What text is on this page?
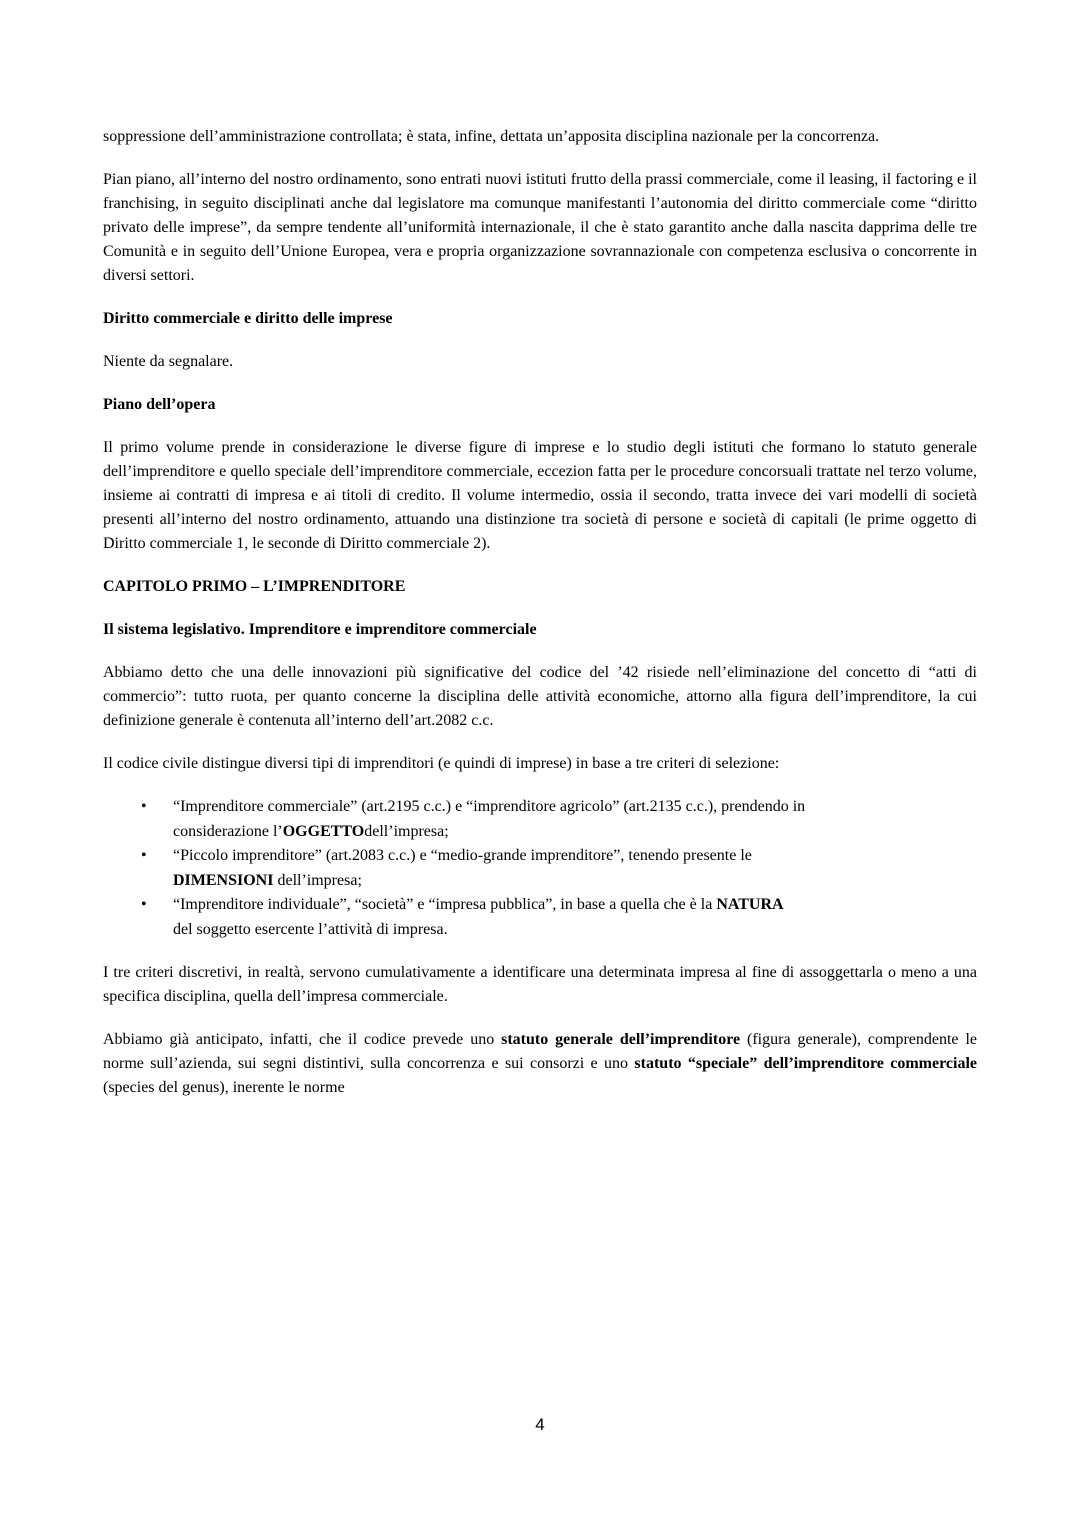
soppressione dell’amministrazione controllata; è stata, infine, dettata un’apposita disciplina nazionale per la concorrenza.

Pian piano, all’interno del nostro ordinamento, sono entrati nuovi istituti frutto della prassi commerciale, come il leasing, il factoring e il franchising, in seguito disciplinati anche dal legislatore ma comunque manifestanti l’autonomia del diritto commerciale come “diritto privato delle imprese”, da sempre tendente all’uniformità internazionale, il che è stato garantito anche dalla nascita dapprima delle tre Comunità e in seguito dell’Unione Europea, vera e propria organizzazione sovrannazionale con competenza esclusiva o concorrente in diversi settori.

Diritto commerciale e diritto delle imprese

Niente da segnalare.

Piano dell’opera

Il primo volume prende in considerazione le diverse figure di imprese e lo studio degli istituti che formano lo statuto generale dell’imprenditore e quello speciale dell’imprenditore commerciale, eccezion fatta per le procedure concorsuali trattate nel terzo volume, insieme ai contratti di impresa e ai titoli di credito. Il volume intermedio, ossia il secondo, tratta invece dei vari modelli di società presenti all’interno del nostro ordinamento, attuando una distinzione tra società di persone e società di capitali (le prime oggetto di Diritto commerciale 1, le seconde di Diritto commerciale 2).

CAPITOLO PRIMO – L’IMPRENDITORE

Il sistema legislativo. Imprenditore e imprenditore commerciale

Abbiamo detto che una delle innovazioni più significative del codice del ’42 risiede nell’eliminazione del concetto di “atti di commercio”: tutto ruota, per quanto concerne la disciplina delle attività economiche, attorno alla figura dell’imprenditore, la cui definizione generale è contenuta all’interno dell’art.2082 c.c.

Il codice civile distingue diversi tipi di imprenditori (e quindi di imprese) in base a tre criteri di selezione:

• “Imprenditore commerciale” (art.2195 c.c.) e “imprenditore agricolo” (art.2135 c.c.), prendendo in
considerazione l’OGGETTOdell’impresa;
• “Piccolo imprenditore” (art.2083 c.c.) e “medio-grande imprenditore”, tenendo presente le
DIMENSIONI dell’impresa;
• “Imprenditore individuale”, “società” e “impresa pubblica”, in base a quella che è la NATURA
del soggetto esercente l’attività di impresa.

I tre criteri discretivi, in realtà, servono cumulativamente a identificare una determinata impresa al fine di assoggettarla o meno a una specifica disciplina, quella dell’impresa commerciale.

Abbiamo già anticipato, infatti, che il codice prevede uno statuto generale dell’imprenditore (figura generale), comprendente le norme sull’azienda, sui segni distintivi, sulla concorrenza e sui consorzi e uno statuto “speciale” dell’imprenditore commerciale (species del genus), inerente le norme

4
